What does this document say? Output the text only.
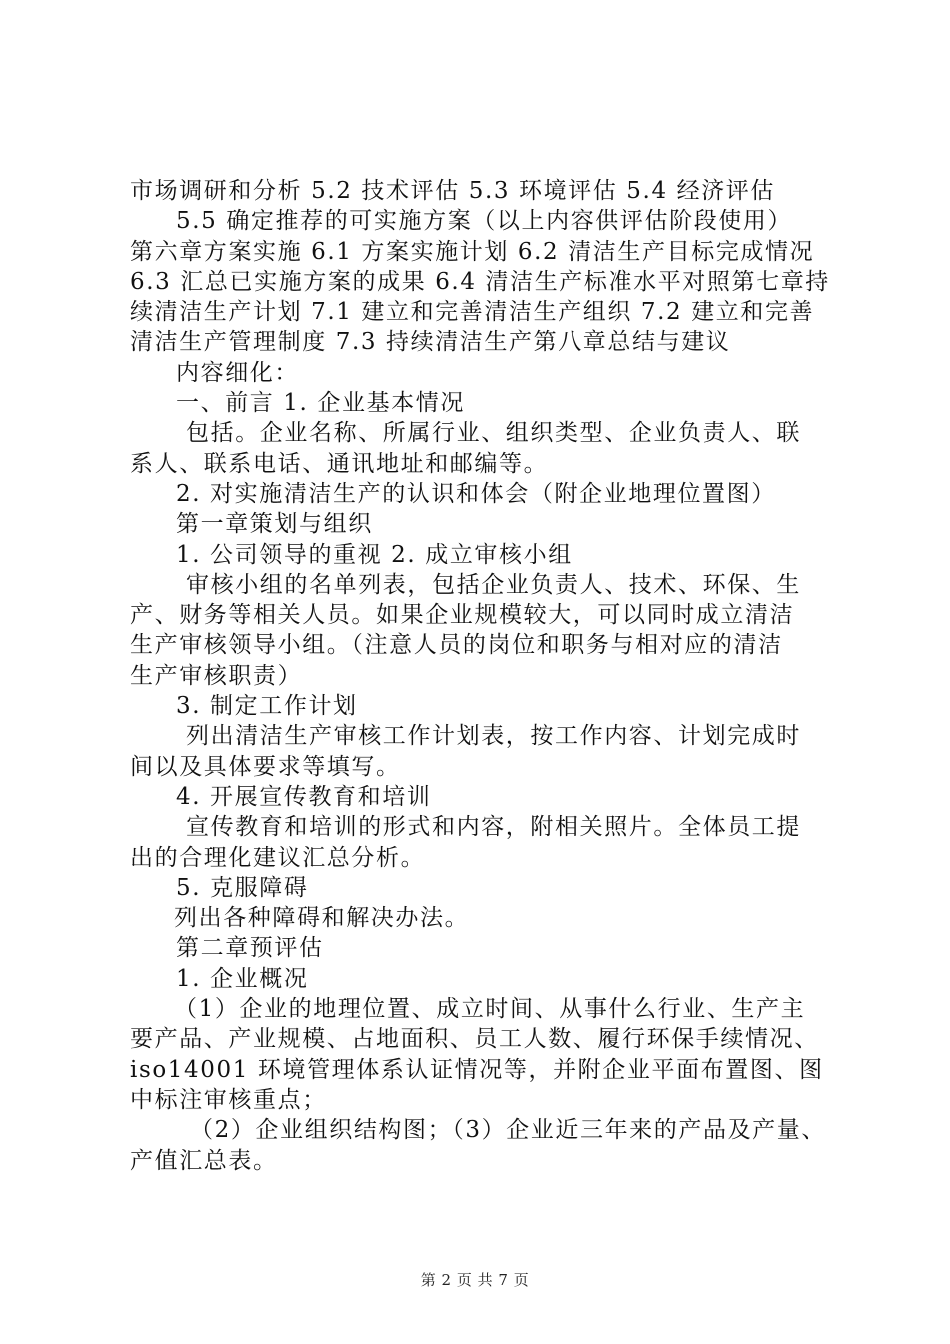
市场调研和分析 5.2 技术评估 5.3 环境评估 5.4 经济评估
5.5 确定推荐的可实施方案（以上内容供评估阶段使用）
第六章方案实施 6.1 方案实施计划 6.2 清洁生产目标完成情况
6.3 汇总已实施方案的成果 6.4 清洁生产标准水平对照第七章持
续清洁生产计划 7.1 建立和完善清洁生产组织 7.2 建立和完善
清洁生产管理制度 7.3 持续清洁生产第八章总结与建议
内容细化：
一、前言 1. 企业基本情况
包括。企业名称、所属行业、组织类型、企业负责人、联
系人、联系电话、通讯地址和邮编等。
2. 对实施清洁生产的认识和体会（附企业地理位置图）
第一章策划与组织
1. 公司领导的重视 2. 成立审核小组
审核小组的名单列表，包括企业负责人、技术、环保、生
产、财务等相关人员。如果企业规模较大，可以同时成立清洁
生产审核领导小组。（注意人员的岗位和职务与相对应的清洁
生产审核职责）
3. 制定工作计划
列出清洁生产审核工作计划表，按工作内容、计划完成时
间以及具体要求等填写。
4. 开展宣传教育和培训
宣传教育和培训的形式和内容，附相关照片。全体员工提
出的合理化建议汇总分析。
5. 克服障碍
列出各种障碍和解决办法。
第二章预评估
1. 企业概况
（1）企业的地理位置、成立时间、从事什么行业、生产主
要产品、产业规模、占地面积、员工人数、履行环保手续情况、
iso14001 环境管理体系认证情况等，并附企业平面布置图、图
中标注审核重点；
（2）企业组织结构图；（3）企业近三年来的产品及产量、
产值汇总表。
第 2 页 共 7 页
